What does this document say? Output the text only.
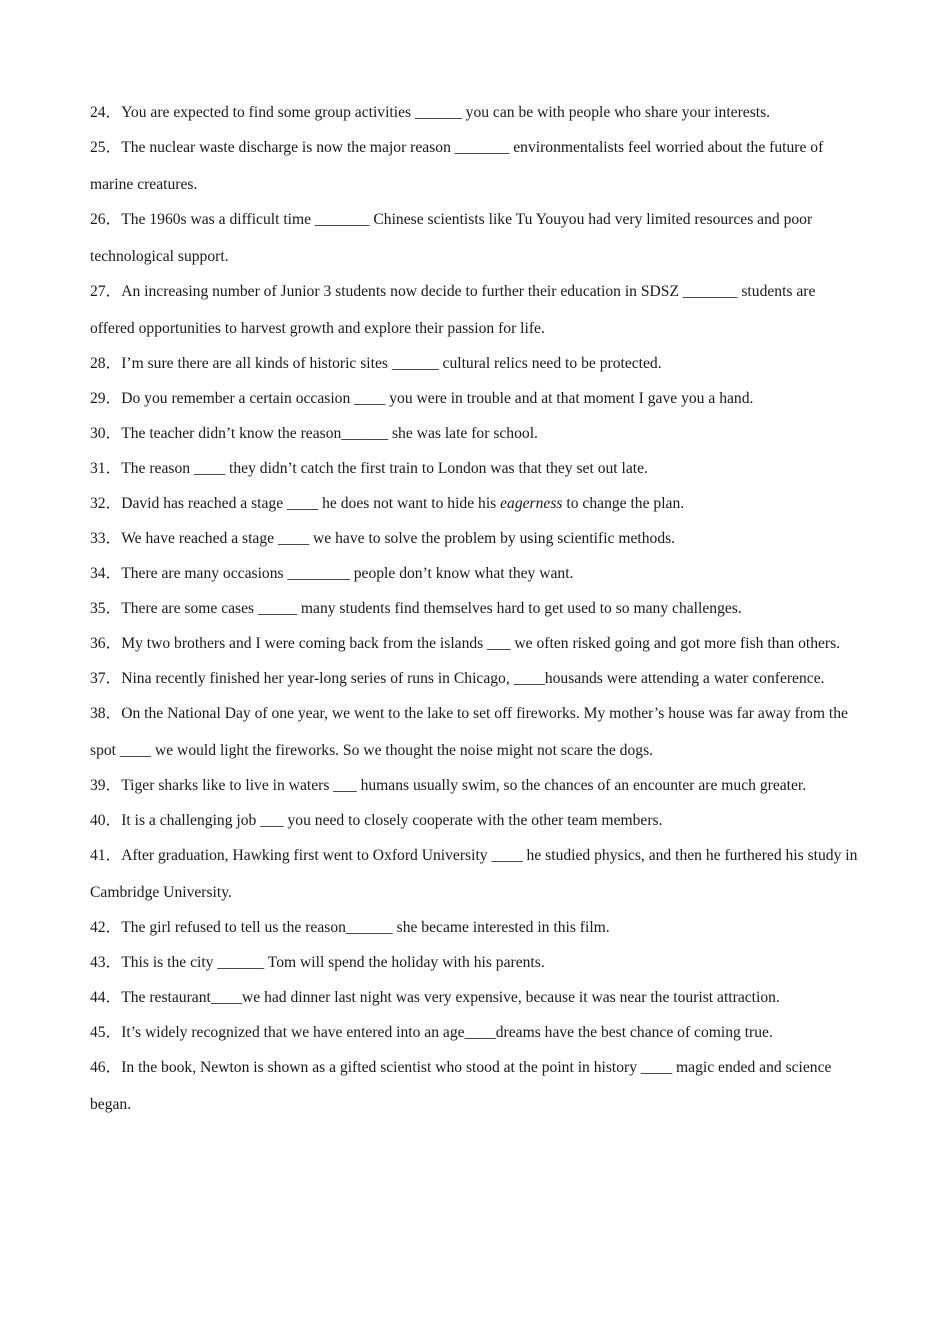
24．You are expected to find some group activities ______ you can be with people who share your interests.

25．The nuclear waste discharge is now the major reason _______ environmentalists feel worried about the future of marine creatures.

26．The 1960s was a difficult time _______ Chinese scientists like Tu Youyou had very limited resources and poor technological support.

27．An increasing number of Junior 3 students now decide to further their education in SDSZ _______ students are offered opportunities to harvest growth and explore their passion for life.

28．I’m sure there are all kinds of historic sites ______ cultural relics need to be protected.

29．Do you remember a certain occasion ____ you were in trouble and at that moment I gave you a hand.

30．The teacher didn’t know the reason______ she was late for school.

31．The reason ____ they didn’t catch the first train to London was that they set out late.

32．David has reached a stage ____ he does not want to hide his eagerness to change the plan.

33．We have reached a stage ____ we have to solve the problem by using scientific methods.

34．There are many occasions ________ people don’t know what they want.

35．There are some cases _____ many students find themselves hard to get used to so many challenges.

36．My two brothers and I were coming back from the islands ___ we often risked going and got more fish than others.

37．Nina recently finished her year-long series of runs in Chicago, ____housands were attending a water conference.

38．On the National Day of one year, we went to the lake to set off fireworks. My mother’s house was far away from the spot ____ we would light the fireworks. So we thought the noise might not scare the dogs.

39．Tiger sharks like to live in waters ___ humans usually swim, so the chances of an encounter are much greater.

40．It is a challenging job ___ you need to closely cooperate with the other team members.

41．After graduation, Hawking first went to Oxford University ____ he studied physics, and then he furthered his study in Cambridge University.

42．The girl refused to tell us the reason______ she became interested in this film.

43．This is the city ______ Tom will spend the holiday with his parents.

44．The restaurant____we had dinner last night was very expensive, because it was near the tourist attraction.

45．It’s widely recognized that we have entered into an age____dreams have the best chance of coming true.

46．In the book, Newton is shown as a gifted scientist who stood at the point in history ____ magic ended and science began.
